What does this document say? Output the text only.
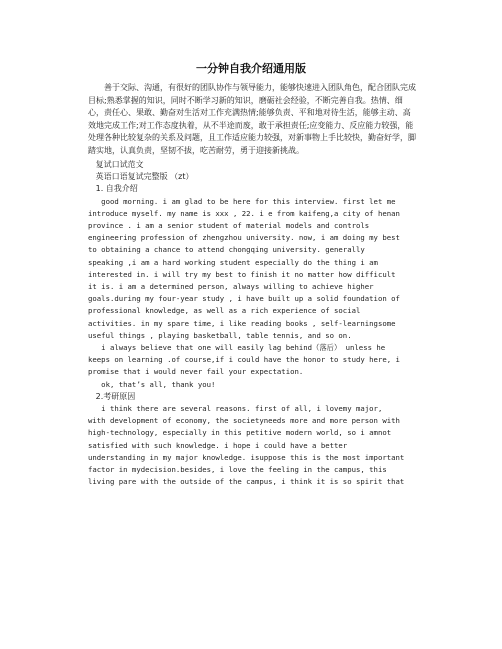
一分钟自我介绍通用版
善于交际、沟通，有很好的团队协作与领导能力，能够快速进入团队角色，配合团队完成目标;熟悉掌握的知识，同时不断学习新的知识，磨砺社会经验，不断完善自我。热情、细心，责任心、果敢、勤奋对生活对工作充满热情;能够负责、平和地对待生活，能够主动、高效地完成工作;对工作态度执着，从不半途而废，敢于承担责任;应变能力、反应能力较强，能处理各种比较复杂的关系及问题，且工作适应能力较强，对新事物上手比较快，勤奋好学，脚踏实地，认真负责，坚韧不拔，吃苦耐劳，勇于迎接新挑战。
复试口试范文
英语口语复试完整版 （zt）
1. 自我介绍
good morning. i am glad to be here for this interview. first let me
introduce myself. my name is xxx , 22. i e from kaifeng,a city of henan
province . i am a senior student of material models and controls
engineering profession of zhengzhou university. now, i am doing my best
to obtaining a chance to attend chongqing university. generally
speaking ,i am a hard working student especially do the thing i am
interested in. i will try my best to finish it no matter how difficult
it is. i am a determined person, always willing to achieve higher
goals.during my four-year study , i have built up a solid foundation of
professional knowledge, as well as a rich experience of social
activities. in my spare time, i like reading books , self-learningsome
useful things , playing basketball, table tennis, and so on.
i always believe that one will easily lag behind（落后） unless he
keeps on learning .of course,if i could have the honor to study here, i
promise that i would never fail your expectation.
ok, that’s all, thank you!
2.考研原因
i think there are several reasons. first of all, i lovemy major,
with development of economy, the societyneeds more and more person with
high-technology, especially in this petitive modern world, so i amnot
satisfied with such knowledge. i hope i could have a better
understanding in my major knowledge. isuppose this is the most important
factor in mydecision.besides, i love the feeling in the campus, this
living pare with the outside of the campus, i think it is so spirit that
